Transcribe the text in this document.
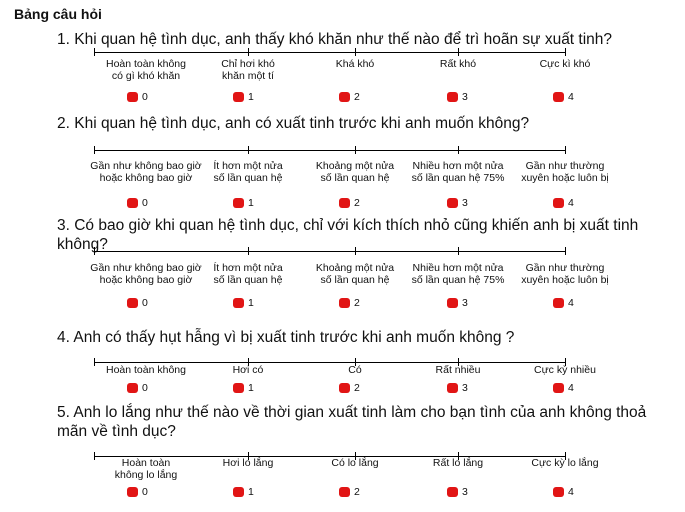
Bảng câu hỏi
1. Khi quan hệ tình dục, anh thấy khó khăn như thế nào để trì hoãn sự xuất tinh?
Hoàn toàn không
có gì khó khăn
0
Chỉ hơi khó
khăn một tí
1
Khá khó
2
Rất khó
3
Cực kì khó
4
2. Khi quan hệ tình dục, anh có xuất tinh trước khi anh muốn không?
Gần như không bao giờ
hoặc không bao giờ
0
Ít hơn một nửa
số lần quan hệ
1
Khoảng một nửa
số lần quan hệ
2
Nhiều hơn một nửa
số lần quan hệ 75%
3
Gần như thường
xuyên hoặc luôn bị
4
3. Có bao giờ khi quan hệ tình dục, chỉ với kích thích nhỏ cũng khiến anh bị xuất tinh không?
Gần như không bao giờ
hoặc không bao giờ
0
Ít hơn một nửa
số lần quan hệ
1
Khoảng một nửa
số lần quan hệ
2
Nhiều hơn một nửa
số lần quan hệ 75%
3
Gần như thường
xuyên hoặc luôn bị
4
4. Anh có thấy hụt hẫng vì bị xuất tinh trước khi anh muốn không ?
Hoàn toàn không
0
Hơi có
1
Có
2
Rất nhiều
3
Cực kỳ nhiều
4
5. Anh lo lắng như thế nào về thời gian xuất tinh làm cho bạn tình của anh không thoả mãn về tình dục?
Hoàn toàn
không lo lắng
0
Hơi lo lắng
1
Có lo lắng
2
Rất lo lắng
3
Cực kỳ lo lắng
4
